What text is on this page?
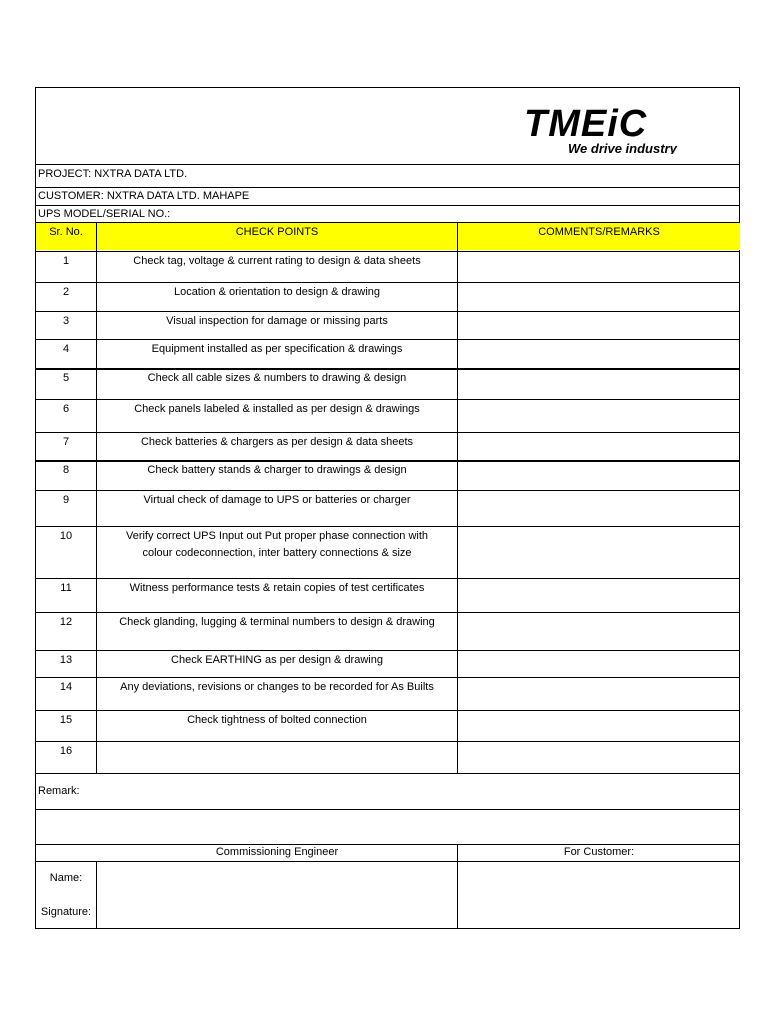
TMEiC
We drive industry
PROJECT: NXTRA DATA LTD.
CUSTOMER: NXTRA DATA LTD. MAHAPE
UPS MODEL/SERIAL NO.:
Sr. No.	CHECK POINTS	COMMENTS/REMARKS
1	Check tag, voltage & current rating to design & data sheets
2	Location & orientation to design & drawing
3	Visual inspection for damage or missing parts
4	Equipment installed as per specification & drawings
5	Check all cable sizes & numbers to drawing & design
6	Check panels labeled & installed as per design & drawings
7	Check batteries & chargers as per design & data sheets
8	Check battery stands & charger to drawings & design
9	Virtual check of damage to UPS or batteries or charger
10	Verify correct UPS Input out Put proper phase connection with
colour codeconnection, inter battery connections & size
11	Witness performance tests & retain copies of test certificates
12	Check glanding, lugging & terminal numbers to design & drawing
13	Check EARTHING as per design & drawing
14	Any deviations, revisions or changes to be recorded for As Builts
15	Check tightness of bolted connection
16
Remark:
Commissioning Engineer	For Customer:
Name:
Signature:
